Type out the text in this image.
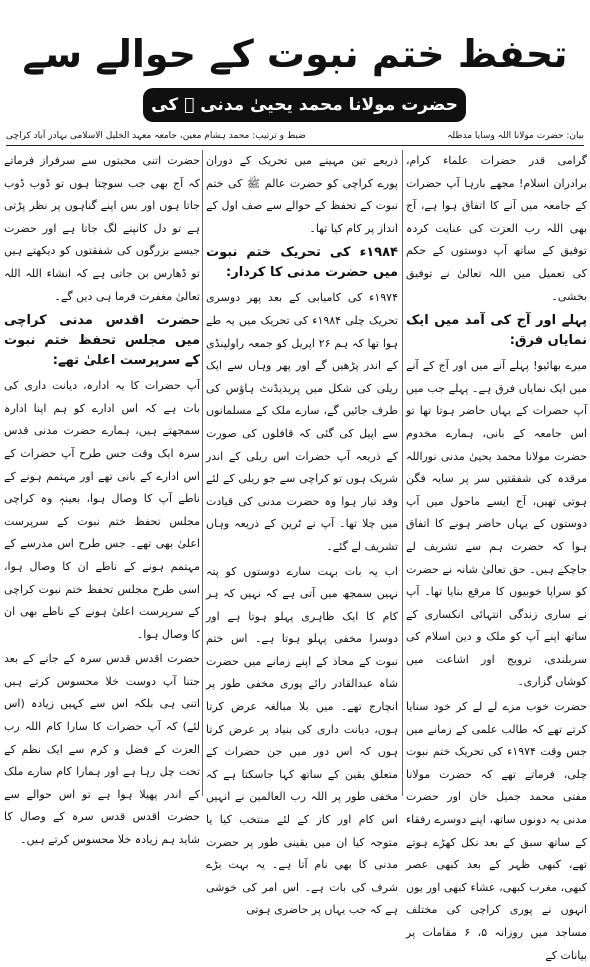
تحفظ ختم نبوت کے حوالے سے
حضرت مولانا محمد یحییٰ مدنی ﷫ کی خدمات!	بیان: حضرت مولانا اللہ وسایا مدظلہ
ضبط و ترتیب: محمد ہشام معین، جامعہ معہد الخلیل الاسلامی بہادر آباد کراچی

گرامی قدر حضرات علماء کرام، برادران اسلام! مجھے بارہا آپ حضرات کے جامعہ میں آنے کا اتفاق ہوا ہے، آج بھی اللہ رب العزت کی عنایت کردہ توفیق کے ساتھ آپ دوستوں کے حکم کی تعمیل میں اللہ تعالیٰ نے توفیق بخشی۔

پہلے اور آج کی آمد میں ایک نمایاں فرق:

میرے بھائیو! پہلے آنے میں اور آج کے آنے میں ایک نمایاں فرق ہے۔ پہلے جب میں آپ حضرات کے یہاں حاضر ہوتا تھا تو اس جامعہ کے بانی، ہمارے مخدوم حضرت مولانا محمد یحییٰ مدنی نوراللہ مرقدہ کی شفقتیں سر پر سایہ فگن ہوتی تھیں، آج ایسے ماحول میں آپ دوستوں کے یہاں حاضر ہونے کا اتفاق ہوا کہ حضرت ہم سے تشریف لے جاچکے ہیں۔ حق تعالیٰ شانہ نے حضرت کو سراپا خوبیوں کا مرقع بنایا تھا۔ آپ نے ساری زندگی انتہائی انکساری کے ساتھ اپنے آپ کو ملک و دین اسلام کی سربلندی، ترویج اور اشاعت میں کوشاں گزاری۔

حضرت خوب مزے لے لے کر خود سنایا کرتے تھے کہ طالب علمی کے زمانے میں جس وقت ۱۹۷۴ء کی تحریک ختم نبوت چلی، فرماتے تھے کہ حضرت مولانا مفتی محمد جمیل خان اور حضرت مدنی یہ دونوں ساتھ، اپنے دوسرے رفقاء کے ساتھ سبق کے بعد نکل کھڑے ہوتے تھے، کبھی ظہر کے بعد کبھی عصر کبھی، مغرب کبھی، عشاء کبھی اور یوں انہوں نے پوری کراچی کی مختلف مساجد میں روزانہ ۵، ۶ مقامات پر بیانات کے

ذریعے تین مہینے میں تحریک کے دوران پورے کراچی کو حضرت عالم ﷺ کی ختم نبوت کے تحفظ کے حوالے سے صف اول کے انداز پر کام کیا تھا۔

۱۹۸۴ء کی تحریک ختم نبوت میں حضرت مدنی کا کردار:

۱۹۷۴ء کی کامیابی کے بعد پھر دوسری تحریک چلی ۱۹۸۴ء کی تحریک میں یہ طے ہوا تھا کہ ہم ۲۶ اپریل کو جمعہ راولپنڈی کے اندر پڑھیں گے اور پھر وہاں سے ایک ریلی کی شکل میں پریذیڈنٹ ہاؤس کی طرف جائیں گے، سارے ملک کے مسلمانوں سے اپیل کی گئی کہ قافلوں کی صورت کے ذریعہ آپ حضرات اس ریلی کے اندر شریک ہوں تو کراچی سے جو ریلی کے لئے وفد تیار ہوا وہ حضرت مدنی کی قیادت میں چلا تھا۔ آپ نے ٹرین کے ذریعہ وہاں تشریف لے گئے۔

اب یہ بات بہت سارے دوستوں کو پتہ نہیں سمجھ میں آتی ہے کہ نہیں کہ ہر کام کا ایک ظاہری پہلو ہوتا ہے اور دوسرا مخفی پہلو ہوتا ہے۔ اس ختم نبوت کے محاذ کے اپنے زمانے میں حضرت شاہ عبدالقادر رائے پوری مخفی طور پر انچارج تھے۔ میں بلا مبالغہ عرض کرتا ہوں، دیانت داری کی بنیاد پر عرض کرتا ہوں کہ اس دور میں جن حضرات کے متعلق یقین کے ساتھ کہا جاسکتا ہے کہ مخفی طور پر اللہ رب العالمین نے انہیں اس کام اور کاز کے لئے منتخب کیا یا متوجہ کیا ان میں یقینی طور پر حضرت مدنی کا بھی نام آتا ہے۔ یہ بہت بڑے شرف کی بات ہے۔ اس امر کی خوشی ہے کہ جب یہاں پر حاضری ہوتی

حضرت اتنی محبتوں سے سرفراز فرماتے کہ آج بھی جب سوچتا ہوں تو ڈوب ڈوب جاتا ہوں اور بس اپنے گناہوں پر نظر پڑتی ہے تو دل کانپنے لگ جاتا ہے اور حضرت جیسے بزرگوں کی شفقتوں کو دیکھتے ہیں تو ڈھارس بن جاتی ہے کہ انشاء اللہ اللہ تعالیٰ مغفرت فرما ہی دیں گے۔

حضرت اقدس مدنی کراچی میں مجلس تحفظ ختم نبوت کے سرپرست اعلیٰ تھے:

آپ حضرات کا یہ ادارہ، دیانت داری کی بات ہے کہ اس ادارے کو ہم اپنا ادارہ سمجھتے ہیں، ہمارے حضرت مدنی قدس سرہ ایک وقت جس طرح آپ حضرات کے اس ادارے کے بانی تھے اور مہتمم ہونے کے ناطے آپ کا وصال ہوا، بعینہٖ وہ کراچی مجلس تحفظ ختم نبوت کے سرپرست اعلیٰ بھی تھے۔ جس طرح اس مدرسے کے مہتمم ہونے کے ناطے ان کا وصال ہوا، اسی طرح مجلس تحفظ ختم نبوت کراچی کے سرپرست اعلیٰ ہونے کے ناطے بھی ان کا وصال ہوا۔

حضرت اقدس قدس سرہ کے جانے کے بعد جتنا آپ دوست خلا محسوس کرتے ہیں اتنی ہی بلکہ اس سے کہیں زیادہ (اس لئے) کہ آپ حضرات کا سارا کام اللہ رب العزت کے فضل و کرم سے ایک نظم کے تحت چل رہا ہے اور ہمارا کام سارے ملک کے اندر پھیلا ہوا ہے تو اس حوالے سے حضرت اقدس قدس سرہ کے وصال کا شاید ہم زیادہ خلا محسوس کرتے ہیں۔
